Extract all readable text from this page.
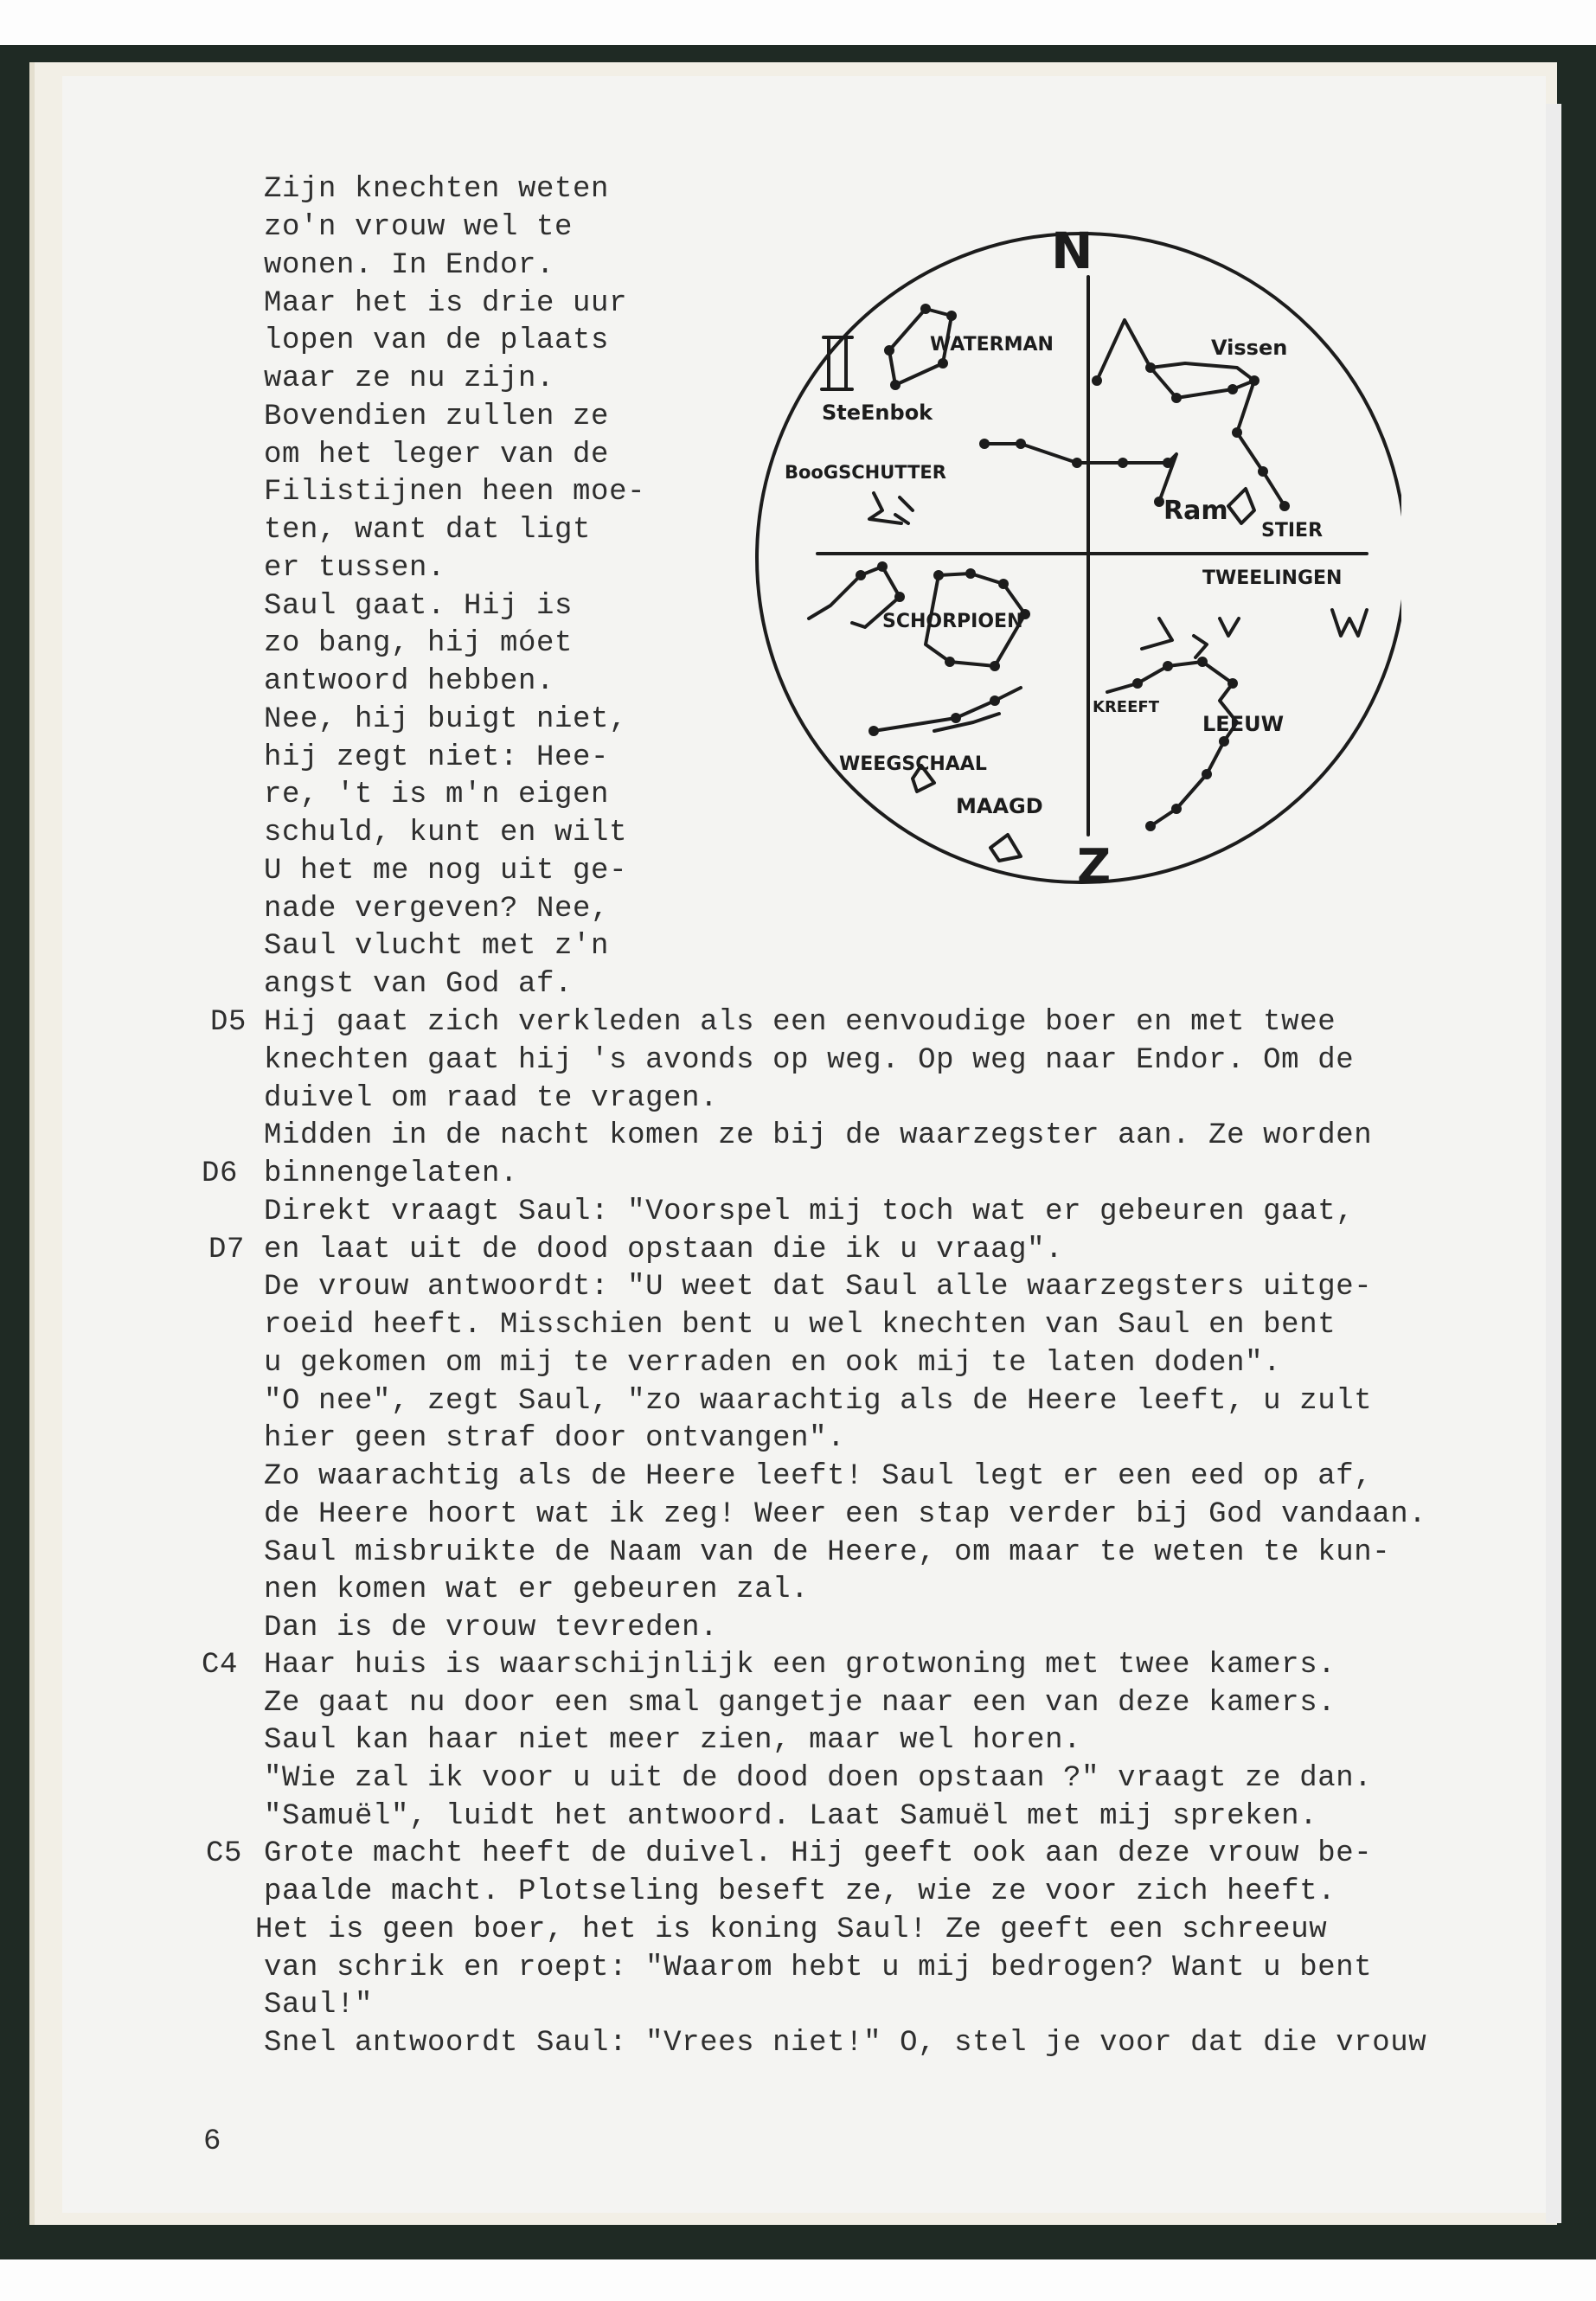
Zijn knechten weten
zo'n vrouw wel te
wonen. In Endor.
Maar het is drie uur
lopen van de plaats
waar ze nu zijn.
Bovendien zullen ze
om het leger van de
Filistijnen heen moe-
ten, want dat ligt
er tussen.
Saul gaat. Hij is
zo bang, hij móet
antwoord hebben.
Nee, hij buigt niet,
hij zegt niet: Hee-
re, 't is m'n eigen
schuld, kunt en wilt
U het me nog uit ge-
nade vergeven? Nee,
Saul vlucht met z'n
angst van God af.
N
Z
WATERMAN	Vissen
SteEnbok
BooGSCHUTTER
Ram
STIER
TWEELINGEN
SCHORPIOEN
KREEFT
LEEUW
WEEGSCHAAL
MAAGD
D5
D6
D7
C4
C5
Hij gaat zich verkleden als een eenvoudige boer en met twee
knechten gaat hij 's avonds op weg. Op weg naar Endor. Om de
duivel om raad te vragen.
Midden in de nacht komen ze bij de waarzegster aan. Ze worden
binnengelaten.
Direkt vraagt Saul: "Voorspel mij toch wat er gebeuren gaat,
en laat uit de dood opstaan die ik u vraag".
De vrouw antwoordt: "U weet dat Saul alle waarzegsters uitge-
roeid heeft. Misschien bent u wel knechten van Saul en bent
u gekomen om mij te verraden en ook mij te laten doden".
"O nee", zegt Saul, "zo waarachtig als de Heere leeft, u zult
hier geen straf door ontvangen".
Zo waarachtig als de Heere leeft! Saul legt er een eed op af,
de Heere hoort wat ik zeg! Weer een stap verder bij God vandaan.
Saul misbruikte de Naam van de Heere, om maar te weten te kun-
nen komen wat er gebeuren zal.
Dan is de vrouw tevreden.
Haar huis is waarschijnlijk een grotwoning met twee kamers.
Ze gaat nu door een smal gangetje naar een van deze kamers.
Saul kan haar niet meer zien, maar wel horen.
"Wie zal ik voor u uit de dood doen opstaan ?" vraagt ze dan.
"Samuël", luidt het antwoord. Laat Samuël met mij spreken.
Grote macht heeft de duivel. Hij geeft ook aan deze vrouw be-
paalde macht. Plotseling beseft ze, wie ze voor zich heeft.
Het is geen boer, het is koning Saul! Ze geeft een schreeuw
van schrik en roept: "Waarom hebt u mij bedrogen? Want u bent
Saul!"
Snel antwoordt Saul: "Vrees niet!" O, stel je voor dat die vrouw
6
